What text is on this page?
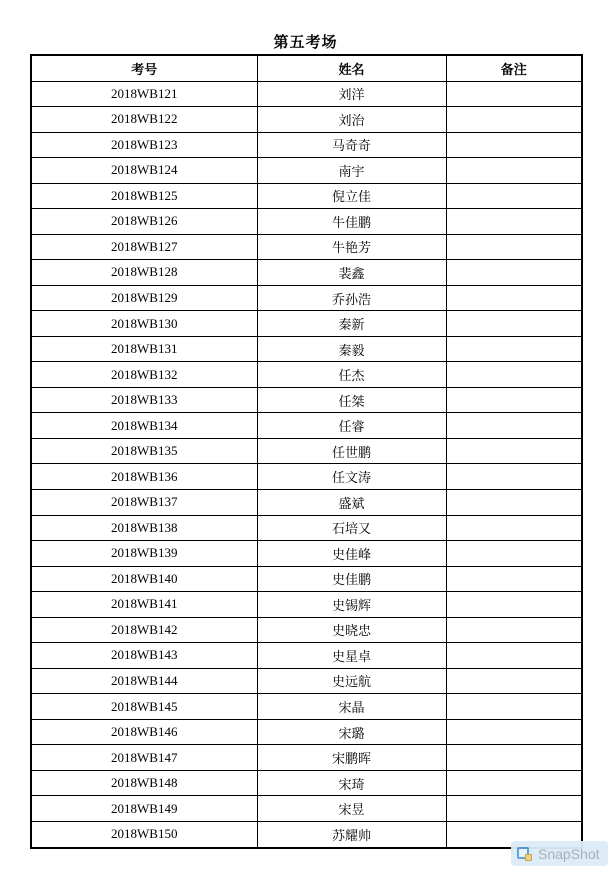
第五考场
考号	姓名	备注
2018WB121	刘洋	
2018WB122	刘治	
2018WB123	马奇奇	
2018WB124	南宇	
2018WB125	倪立佳	
2018WB126	牛佳鹏	
2018WB127	牛艳芳	
2018WB128	裴鑫	
2018WB129	乔孙浩	
2018WB130	秦新	
2018WB131	秦毅	
2018WB132	任杰	
2018WB133	任桀	
2018WB134	任睿	
2018WB135	任世鹏	
2018WB136	任文涛	
2018WB137	盛斌	
2018WB138	石培又	
2018WB139	史佳峰	
2018WB140	史佳鹏	
2018WB141	史锡辉	
2018WB142	史晓忠	
2018WB143	史星卓	
2018WB144	史远航	
2018WB145	宋晶	
2018WB146	宋璐	
2018WB147	宋鹏晖	
2018WB148	宋琦	
2018WB149	宋昱	
2018WB150	苏耀帅	
SnapShot
